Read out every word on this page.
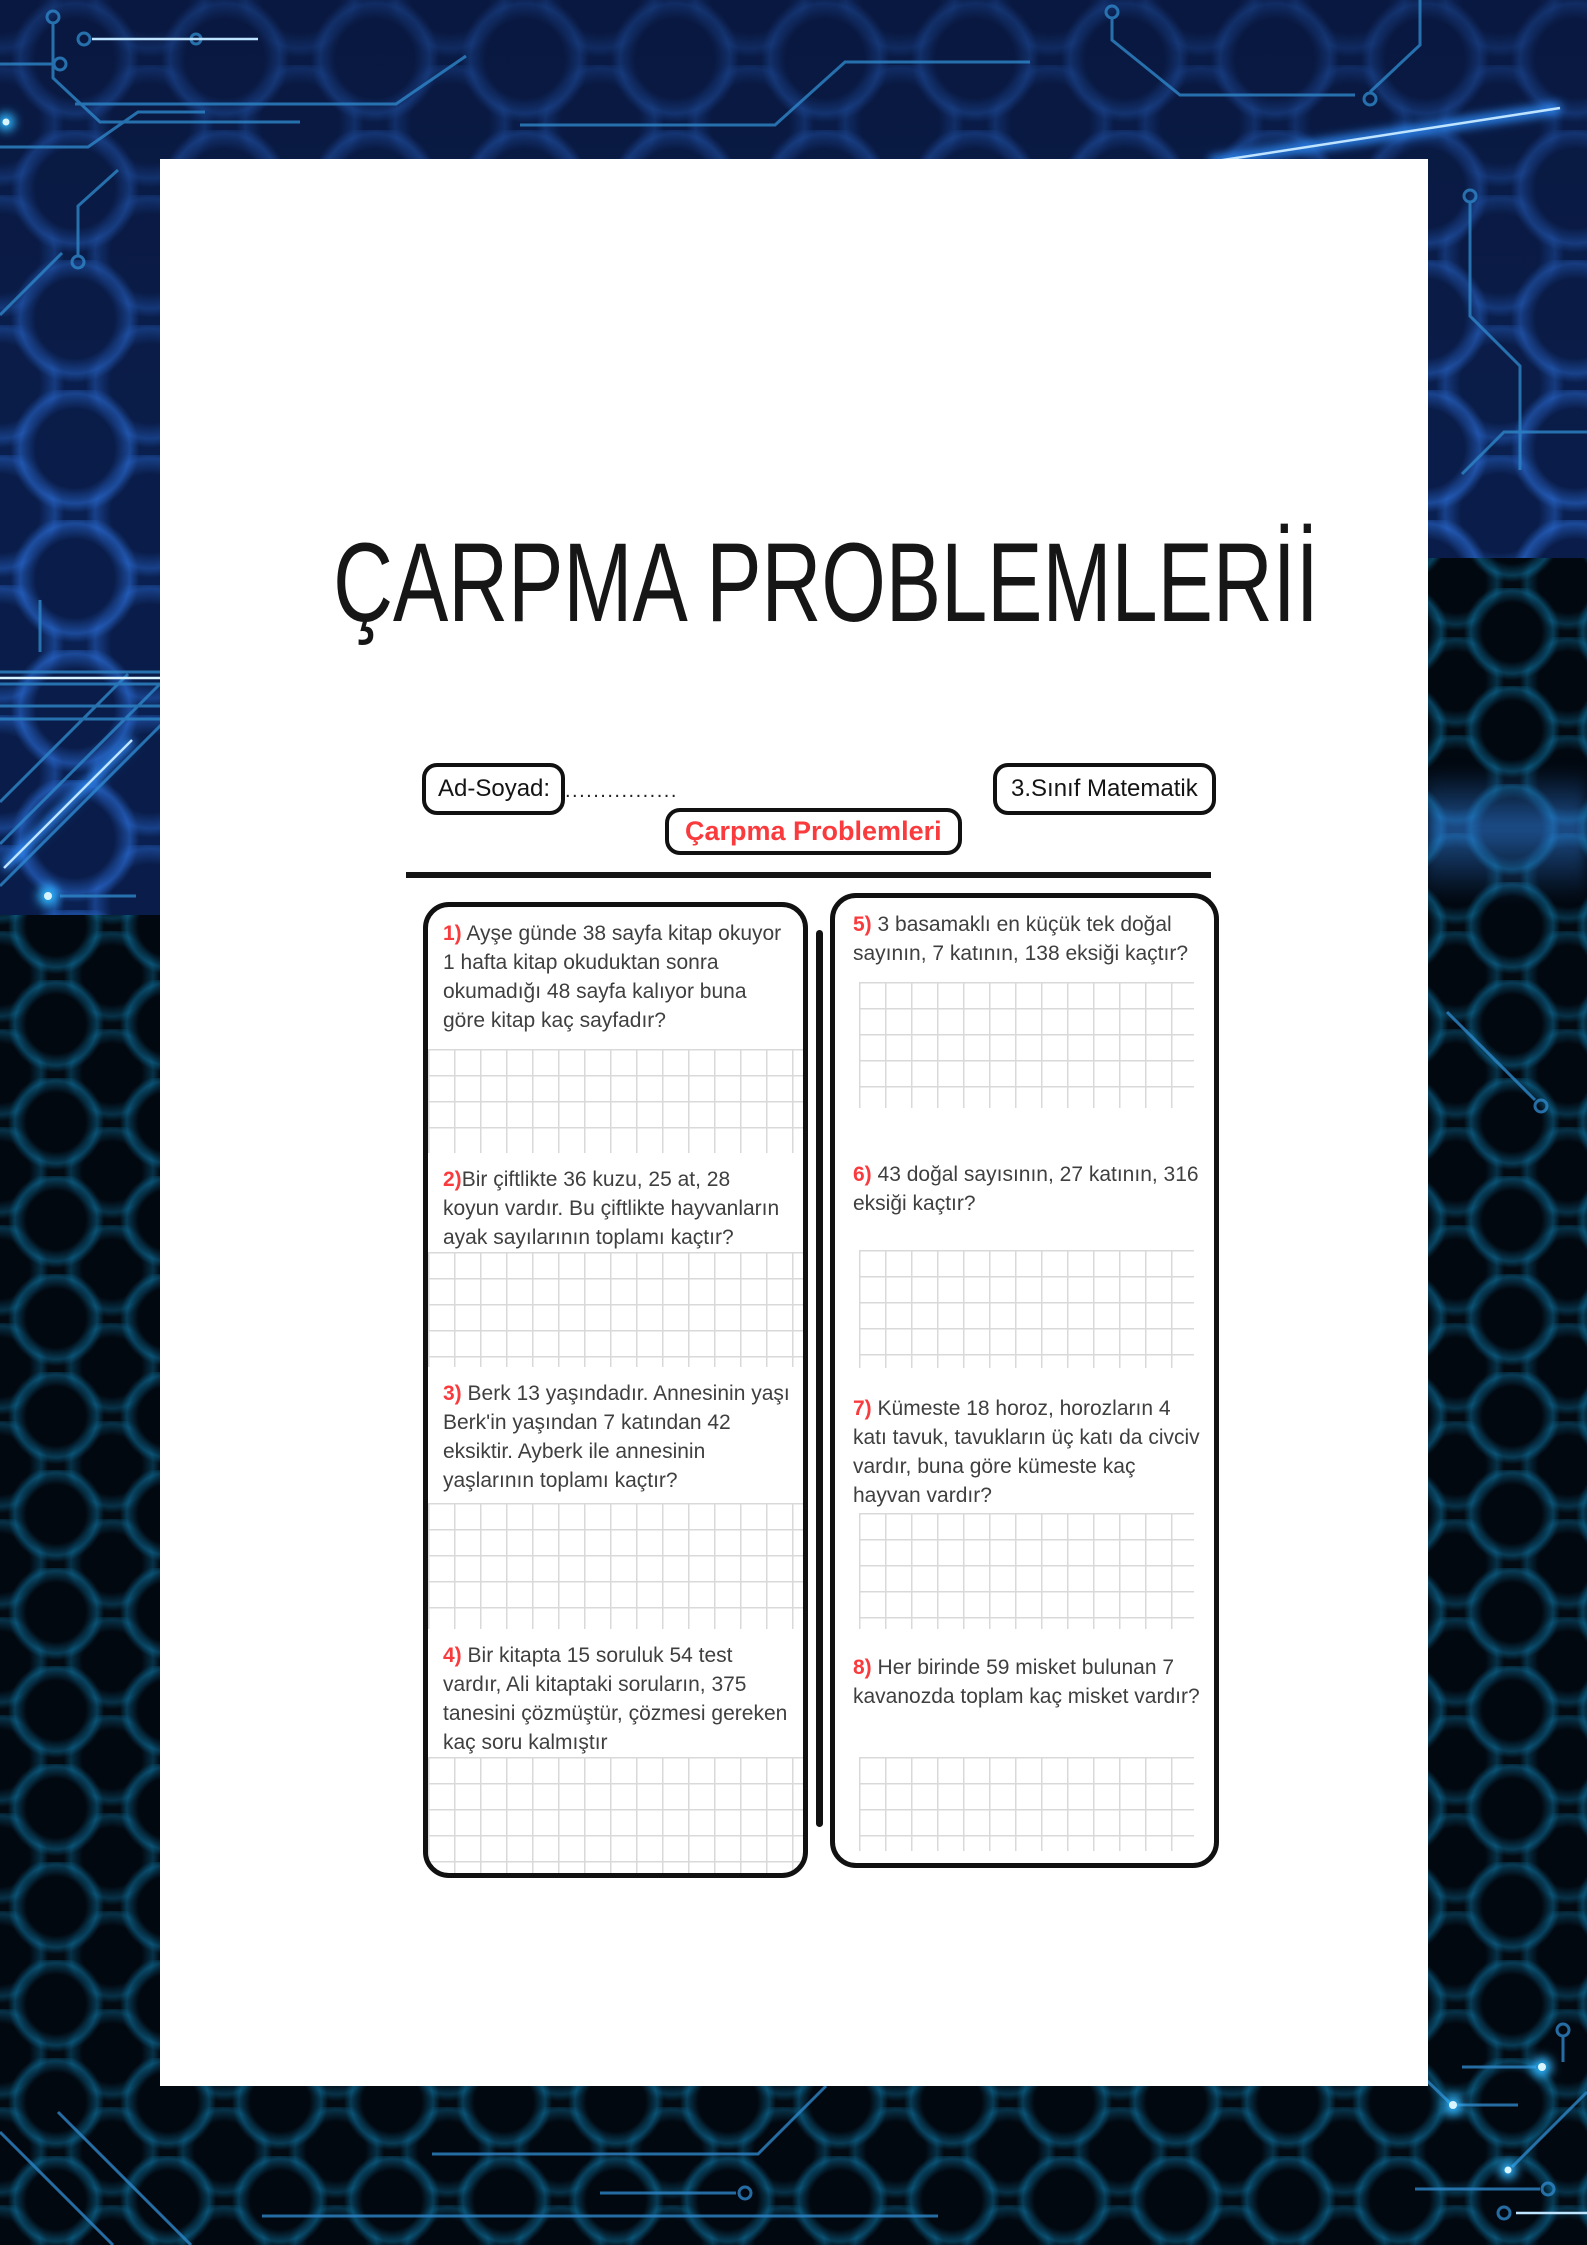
ÇARPMA PROBLEMLERİİ
Ad-Soyad: ................	3.Sınıf Matematik
Çarpma Problemleri

1) Ayşe günde 38 sayfa kitap okuyor 1 hafta kitap okuduktan sonra okumadığı 48 sayfa kalıyor buna göre kitap kaç sayfadır?

2)Bir çiftlikte 36 kuzu, 25 at, 28 koyun vardır. Bu çiftlikte hayvanların ayak sayılarının toplamı kaçtır?

3) Berk 13 yaşındadır. Annesinin yaşı Berk'in yaşından 7 katından 42 eksiktir. Ayberk ile annesinin yaşlarının toplamı kaçtır?

4) Bir kitapta 15 soruluk 54 test vardır, Ali kitaptaki soruların, 375 tanesini çözmüştür, çözmesi gereken kaç soru kalmıştır

5) 3 basamaklı en küçük tek doğal sayının, 7 katının, 138 eksiği kaçtır?

6) 43 doğal sayısının, 27 katının, 316 eksiği kaçtır?

7) Kümeste 18 horoz, horozların 4 katı tavuk, tavukların üç katı da civciv vardır, buna göre kümeste kaç hayvan vardır?

8) Her birinde 59 misket bulunan 7 kavanozda toplam kaç misket vardır?
